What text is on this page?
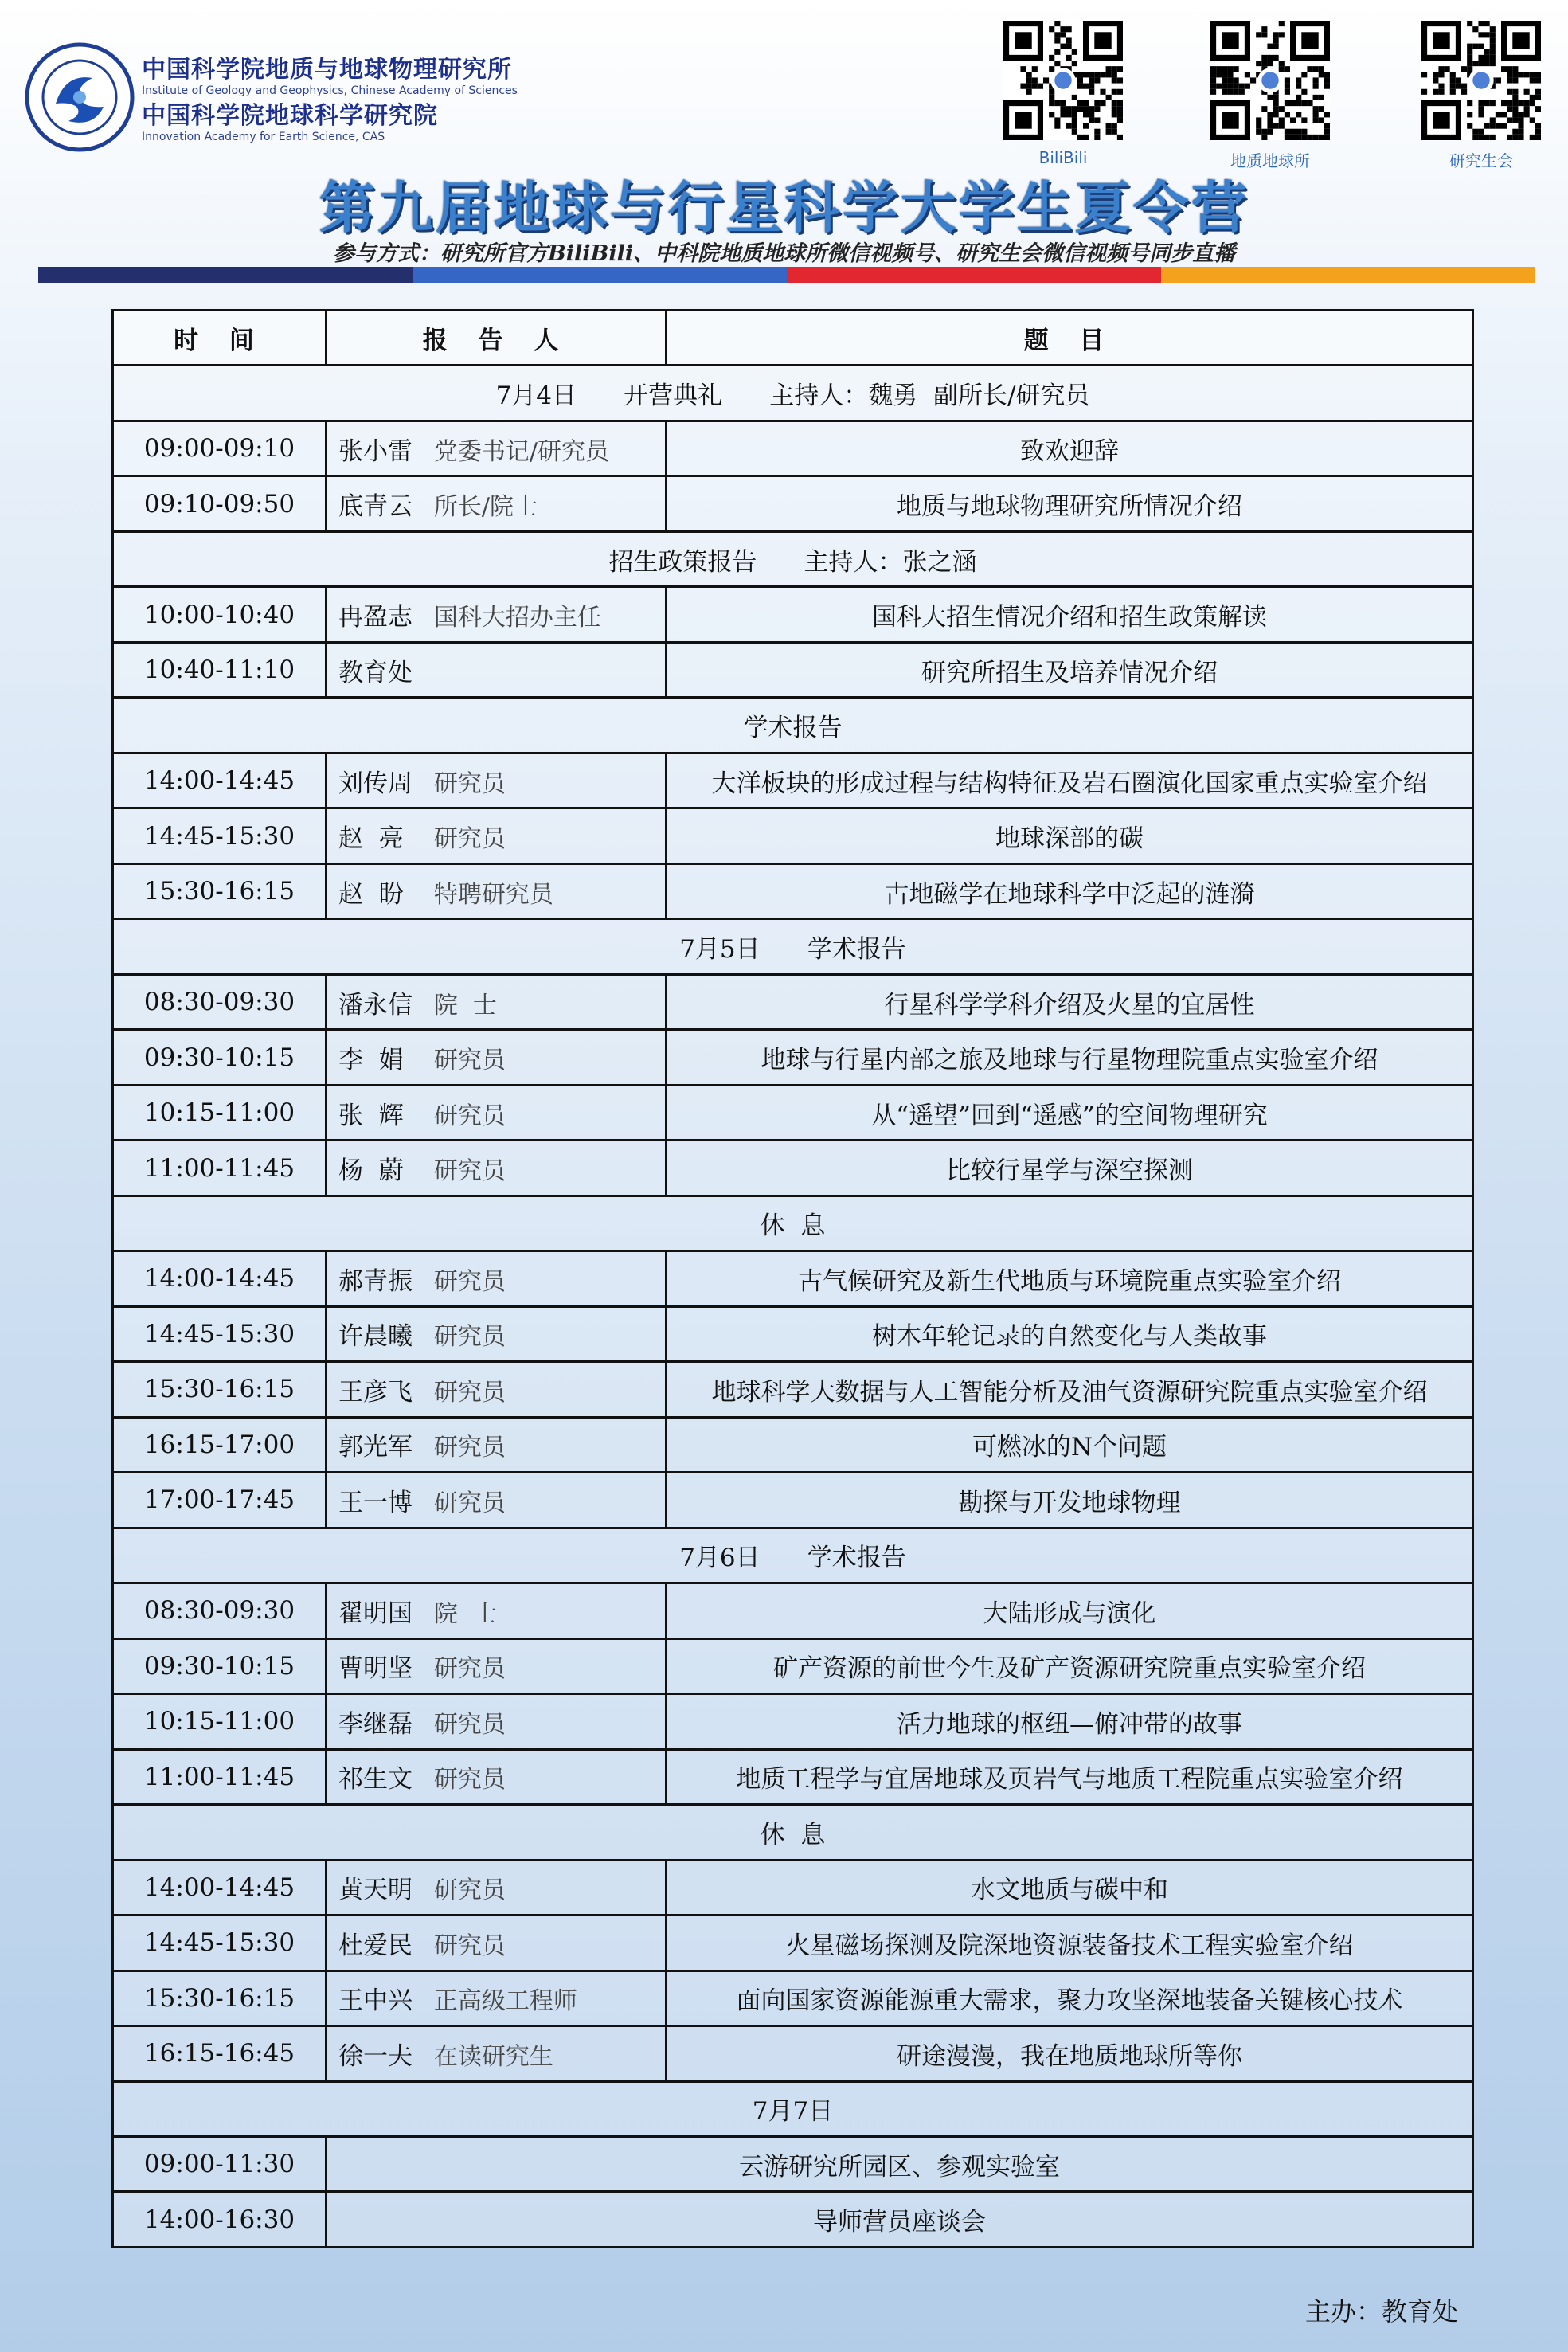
中国科学院地质与地球物理研究所
Institute of Geology and Geophysics, Chinese Academy of Sciences
中国科学院地球科学研究院
Innovation Academy for Earth Science, CAS
BiliBili	地质地球所	研究生会
第九届地球与行星科学大学生夏令营
参与方式：研究所官方BiliBili、中科院地质地球所微信视频号、研究生会微信视频号同步直播
时 间	报 告 人	题 目
7月4日      开营典礼      主持人：魏勇  副所长/研究员		
09:00-09:10	张小雷 党委书记/研究员	致欢迎辞
09:10-09:50	底青云 所长/院士	地质与地球物理研究所情况介绍
招生政策报告      主持人：张之涵		
10:00-10:40	冉盈志 国科大招办主任	国科大招生情况介绍和招生政策解读
10:40-11:10	教育处	研究所招生及培养情况介绍
学术报告		
14:00-14:45	刘传周 研究员	大洋板块的形成过程与结构特征及岩石圈演化国家重点实验室介绍
14:45-15:30	赵  亮 研究员	地球深部的碳
15:30-16:15	赵  盼 特聘研究员	古地磁学在地球科学中泛起的涟漪
7月5日      学术报告		
08:30-09:30	潘永信 院  士	行星科学学科介绍及火星的宜居性
09:30-10:15	李  娟 研究员	地球与行星内部之旅及地球与行星物理院重点实验室介绍
10:15-11:00	张  辉 研究员	从“遥望”回到“遥感”的空间物理研究
11:00-11:45	杨  蔚 研究员	比较行星学与深空探测
休  息		
14:00-14:45	郝青振 研究员	古气候研究及新生代地质与环境院重点实验室介绍
14:45-15:30	许晨曦 研究员	树木年轮记录的自然变化与人类故事
15:30-16:15	王彦飞 研究员	地球科学大数据与人工智能分析及油气资源研究院重点实验室介绍
16:15-17:00	郭光军 研究员	可燃冰的N个问题
17:00-17:45	王一博 研究员	勘探与开发地球物理
7月6日      学术报告		
08:30-09:30	翟明国 院  士	大陆形成与演化
09:30-10:15	曹明坚 研究员	矿产资源的前世今生及矿产资源研究院重点实验室介绍
10:15-11:00	李继磊 研究员	活力地球的枢纽—俯冲带的故事
11:00-11:45	祁生文 研究员	地质工程学与宜居地球及页岩气与地质工程院重点实验室介绍
休  息		
14:00-14:45	黄天明 研究员	水文地质与碳中和
14:45-15:30	杜爱民 研究员	火星磁场探测及院深地资源装备技术工程实验室介绍
15:30-16:15	王中兴 正高级工程师	面向国家资源能源重大需求，聚力攻坚深地装备关键核心技术
16:15-16:45	徐一夫 在读研究生	研途漫漫，我在地质地球所等你
7月7日		
09:00-11:30	云游研究所园区、参观实验室	
14:00-16:30	导师营员座谈会	
主办：教育处
